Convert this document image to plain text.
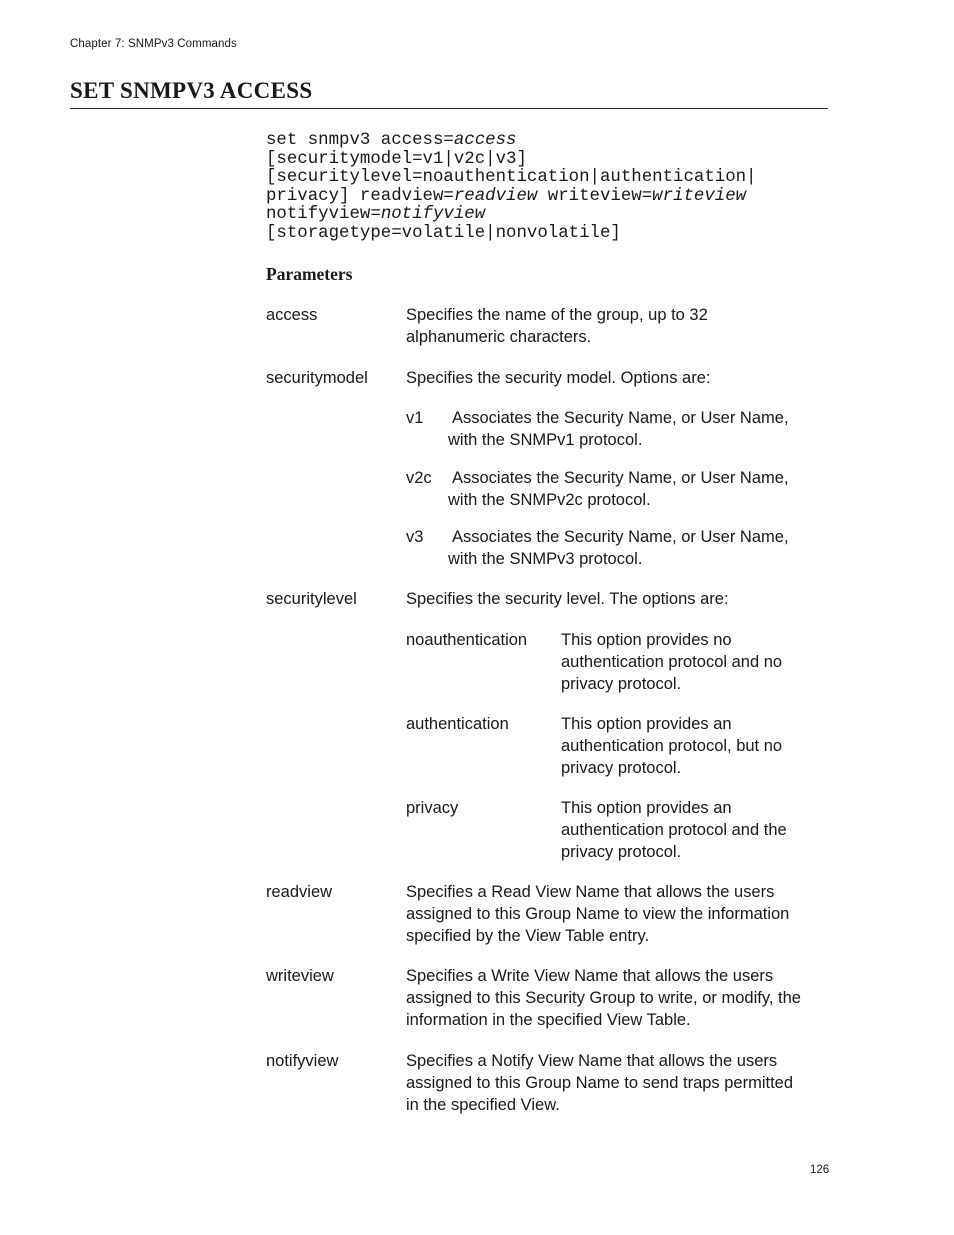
Chapter 7: SNMPv3 Commands
SET SNMPV3 ACCESS
set snmpv3 access=access
[securitymodel=v1|v2c|v3]
[securitylevel=noauthentication|authentication|
privacy] readview=readview writeview=writeview
notifyview=notifyview
[storagetype=volatile|nonvolatile]
Parameters
access	Specifies the name of the group, up to 32
alphanumeric characters.
securitymodel Specifies the security model. Options are:
v1 Associates the Security Name, or User Name,
with the SNMPv1 protocol.
v2c Associates the Security Name, or User Name,
with the SNMPv2c protocol.
v3 Associates the Security Name, or User Name,
with the SNMPv3 protocol.
securitylevel	Specifies the security level. The options are:
noauthentication This option provides no
authentication protocol and no
privacy protocol.
authentication	This option provides an
authentication protocol, but no
privacy protocol.
privacy	This option provides an
authentication protocol and the
privacy protocol.
readview	Specifies a Read View Name that allows the users
assigned to this Group Name to view the information
specified by the View Table entry.
writeview	Specifies a Write View Name that allows the users
assigned to this Security Group to write, or modify, the
information in the specified View Table.
notifyview	Specifies a Notify View Name that allows the users
assigned to this Group Name to send traps permitted
in the specified View.
126
